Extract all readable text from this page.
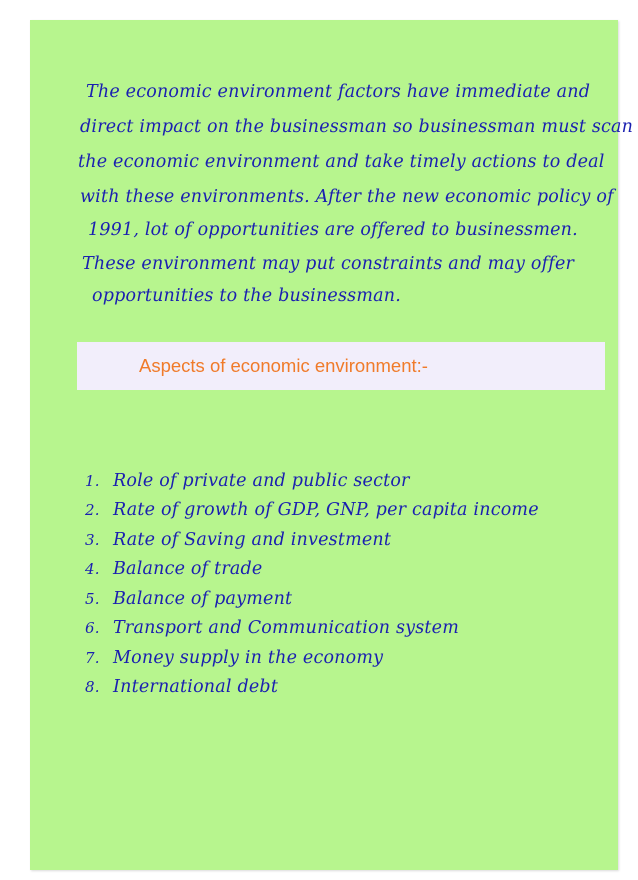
The economic environment factors have immediate and
direct impact on the businessman so businessman must scan
the economic environment and take timely actions to deal
with these environments. After the new economic policy of
1991, lot of opportunities are offered to businessmen.
These environment may put constraints and may offer
opportunities to the businessman.
Aspects of economic environment:-
1. Role of private and public sector
2. Rate of growth of GDP, GNP, per capita income
3. Rate of Saving and investment
4. Balance of trade
5. Balance of payment
6. Transport and Communication system
7. Money supply in the economy
8. International debt
